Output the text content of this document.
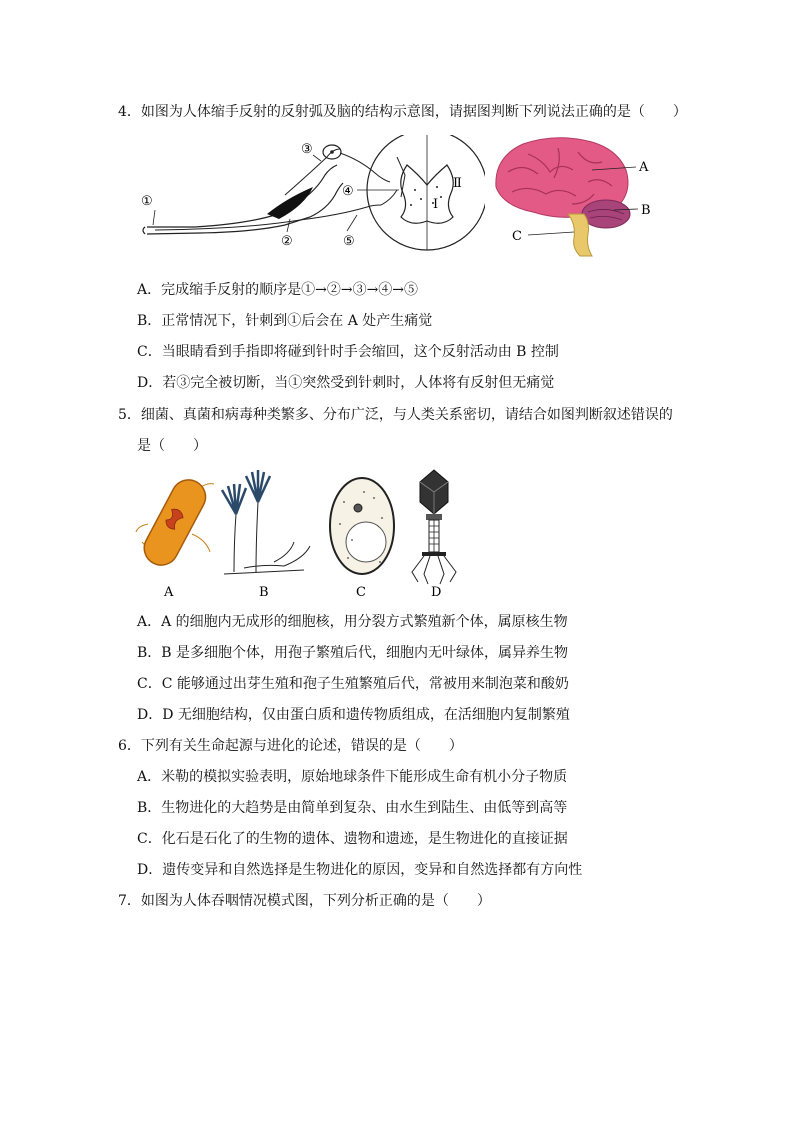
4．如图为人体缩手反射的反射弧及脑的结构示意图，请据图判断下列说法正确的是（　　）
①
②
③
④
⑤
Ⅰ
Ⅱ
A
B
C
A．完成缩手反射的顺序是①→②→③→④→⑤
B．正常情况下，针刺到①后会在 A 处产生痛觉
C．当眼睛看到手指即将碰到针时手会缩回，这个反射活动由 B 控制
D．若③完全被切断，当①突然受到针刺时，人体将有反射但无痛觉
5．细菌、真菌和病毒种类繁多、分布广泛，与人类关系密切，请结合如图判断叙述错误的
是（　　）
A	B	C	D
A．A 的细胞内无成形的细胞核，用分裂方式繁殖新个体，属原核生物
B．B 是多细胞个体，用孢子繁殖后代，细胞内无叶绿体，属异养生物
C．C 能够通过出芽生殖和孢子生殖繁殖后代，常被用来制泡菜和酸奶
D．D 无细胞结构，仅由蛋白质和遗传物质组成，在活细胞内复制繁殖
6．下列有关生命起源与进化的论述，错误的是（　　）
A．米勒的模拟实验表明，原始地球条件下能形成生命有机小分子物质
B．生物进化的大趋势是由简单到复杂、由水生到陆生、由低等到高等
C．化石是石化了的生物的遗体、遗物和遗迹，是生物进化的直接证据
D．遗传变异和自然选择是生物进化的原因，变异和自然选择都有方向性
7．如图为人体吞咽情况模式图，下列分析正确的是（　　）
